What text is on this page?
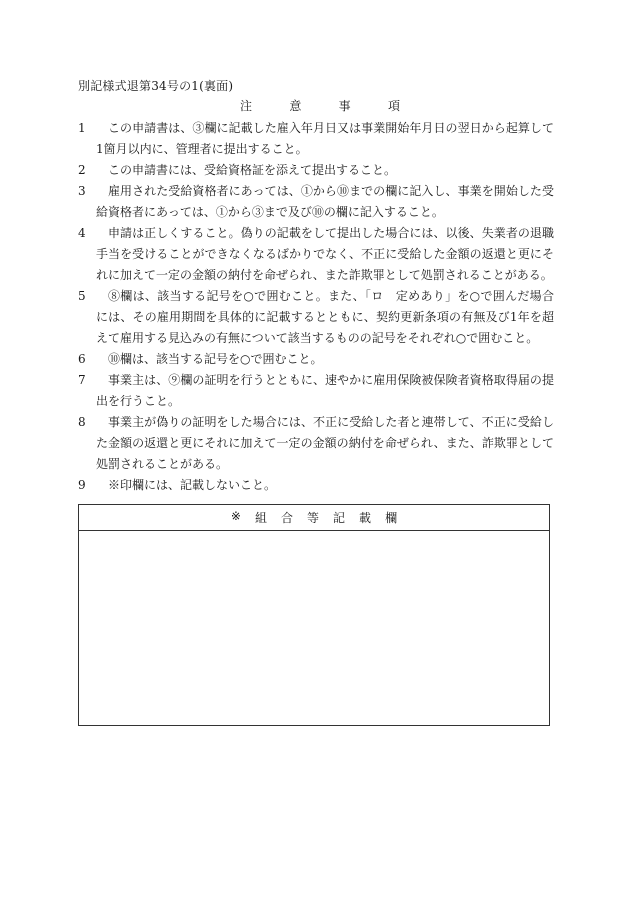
別記様式退第34号の1(裏面)
注	意	事	項
1	この申請書は、③欄に記載した雇入年月日又は事業開始年月日の翌日から起算して1箇月以内に、管理者に提出すること。
2	この申請書には、受給資格証を添えて提出すること。
3	雇用された受給資格者にあっては、①から⑩までの欄に記入し、事業を開始した受給資格者にあっては、①から③まで及び⑩の欄に記入すること。
4	申請は正しくすること。偽りの記載をして提出した場合には、以後、失業者の退職手当を受けることができなくなるばかりでなく、不正に受給した金額の返還と更にそれに加えて一定の金額の納付を命ぜられ、また詐欺罪として処罰されることがある。
5	⑧欄は、該当する記号を○で囲むこと。また、「ロ　定めあり」を○で囲んだ場合には、その雇用期間を具体的に記載するとともに、契約更新条項の有無及び1年を超えて雇用する見込みの有無について該当するものの記号をそれぞれ○で囲むこと。
6	⑩欄は、該当する記号を○で囲むこと。
7	事業主は、⑨欄の証明を行うとともに、速やかに雇用保険被保険者資格取得届の提出を行うこと。
8	事業主が偽りの証明をした場合には、不正に受給した者と連帯して、不正に受給した金額の返還と更にそれに加えて一定の金額の納付を命ぜられ、また、詐欺罪として処罰されることがある。
9	※印欄には、記載しないこと。
※ 組 合 等 記 載 欄
